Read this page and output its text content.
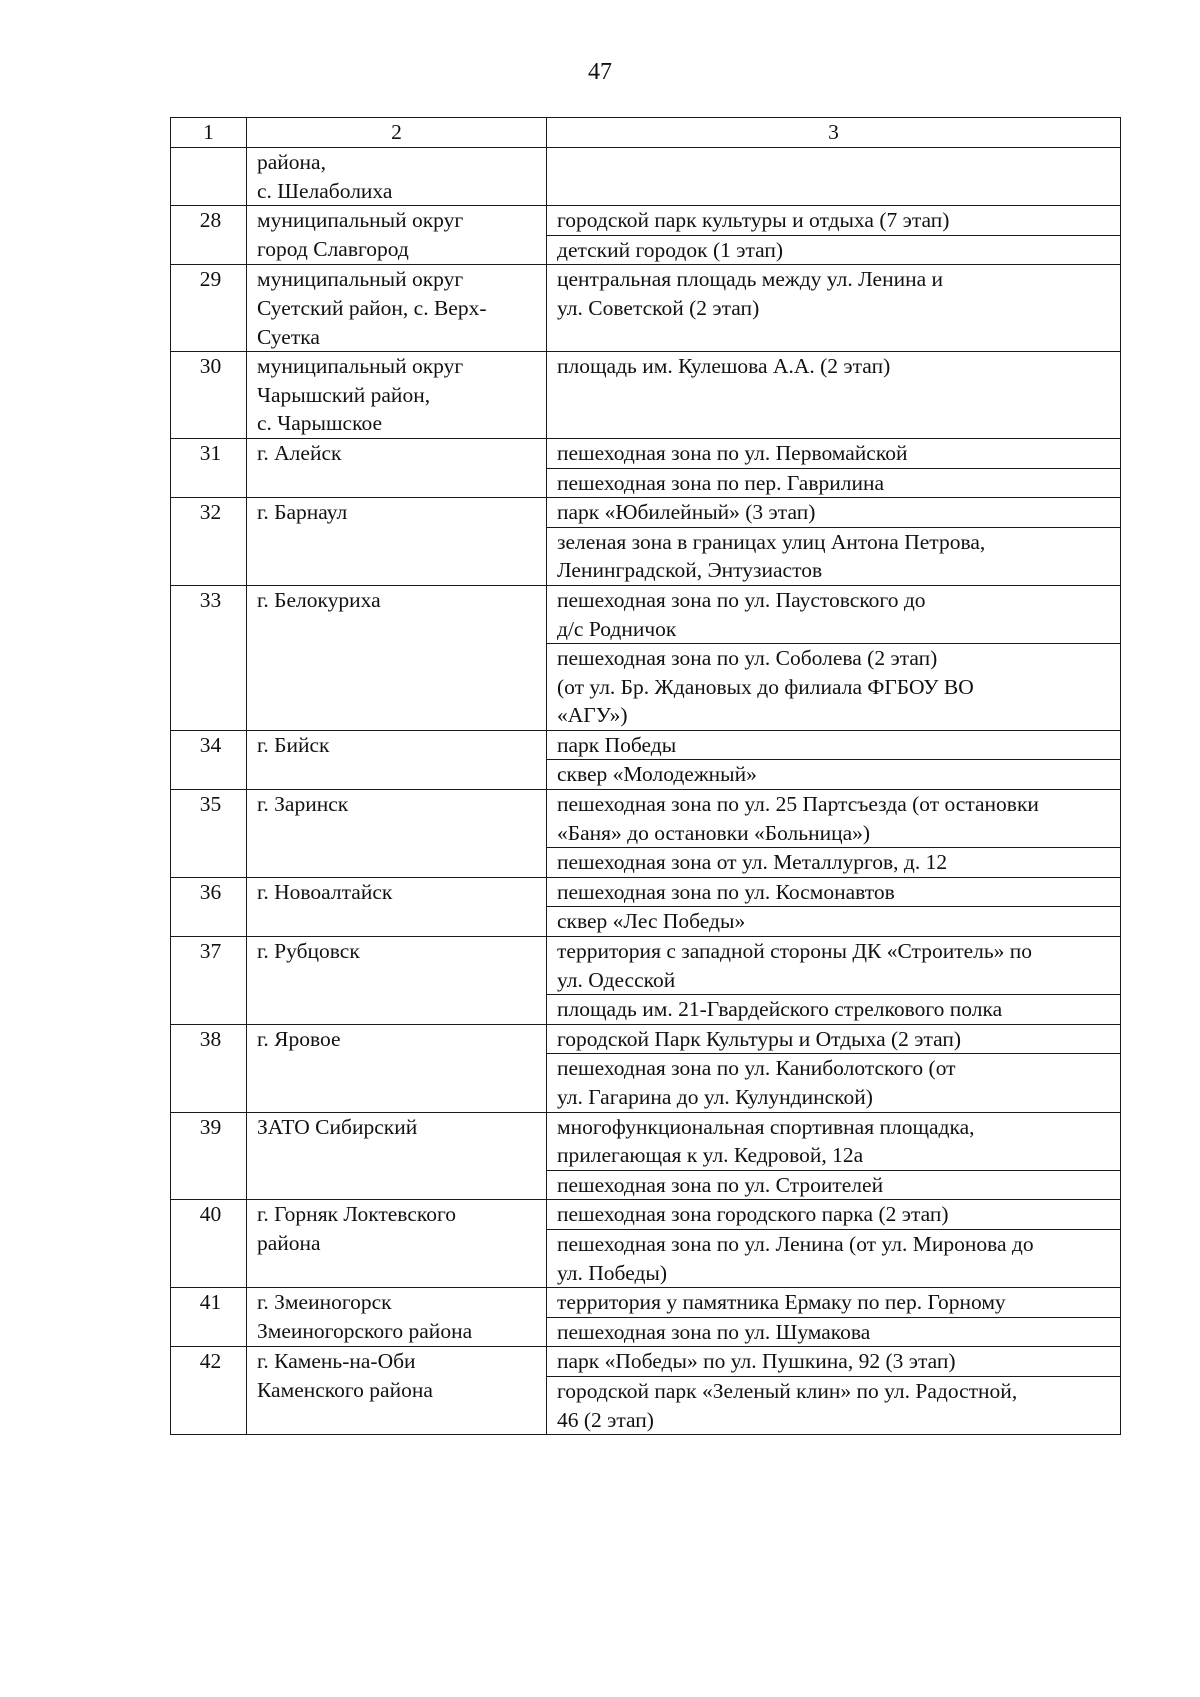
47
1	2	3
	района,
с. Шелаболиха	
28	муниципальный округ
город Славгород	городской парк культуры и отдыха (7 этап)
		детский городок (1 этап)
29	муниципальный округ
Суетский район, с. Верх-Суетка	центральная площадь между ул. Ленина и
ул. Советской (2 этап)
30	муниципальный округ
Чарышский район,
с. Чарышское	площадь им. Кулешова А.А. (2 этап)
31	г. Алейск	пешеходная зона по ул. Первомайской
		пешеходная зона по пер. Гаврилина
32	г. Барнаул	парк «Юбилейный» (3 этап)
		зеленая зона в границах улиц Антона Петрова,
Ленинградской, Энтузиастов
33	г. Белокуриха	пешеходная зона по ул. Паустовского до
д/с Родничок
		пешеходная зона по ул. Соболева (2 этап)
(от ул. Бр. Ждановых до филиала ФГБОУ ВО
«АГУ»)
34	г. Бийск	парк Победы
		сквер «Молодежный»
35	г. Заринск	пешеходная зона по ул. 25 Партсъезда (от остановки
«Баня» до остановки «Больница»)
		пешеходная зона от ул. Металлургов, д. 12
36	г. Новоалтайск	пешеходная зона по ул. Космонавтов
		сквер «Лес Победы»
37	г. Рубцовск	территория с западной стороны ДК «Строитель» по
ул. Одесской
		площадь им. 21-Гвардейского стрелкового полка
38	г. Яровое	городской Парк Культуры и Отдыха (2 этап)
		пешеходная зона по ул. Каниболотского (от
ул. Гагарина до ул. Кулундинской)
39	ЗАТО Сибирский	многофункциональная спортивная площадка,
прилегающая к ул. Кедровой, 12а
		пешеходная зона по ул. Строителей
40	г. Горняк Локтевского
района	пешеходная зона городского парка (2 этап)
		пешеходная зона по ул. Ленина (от ул. Миронова до
ул. Победы)
41	г. Змеиногорск
Змеиногорского района	территория у памятника Ермаку по пер. Горному
		пешеходная зона по ул. Шумакова
42	г. Камень-на-Оби
Каменского района	парк «Победы» по ул. Пушкина, 92 (3 этап)
		городской парк «Зеленый клин» по ул. Радостной,
46 (2 этап)
